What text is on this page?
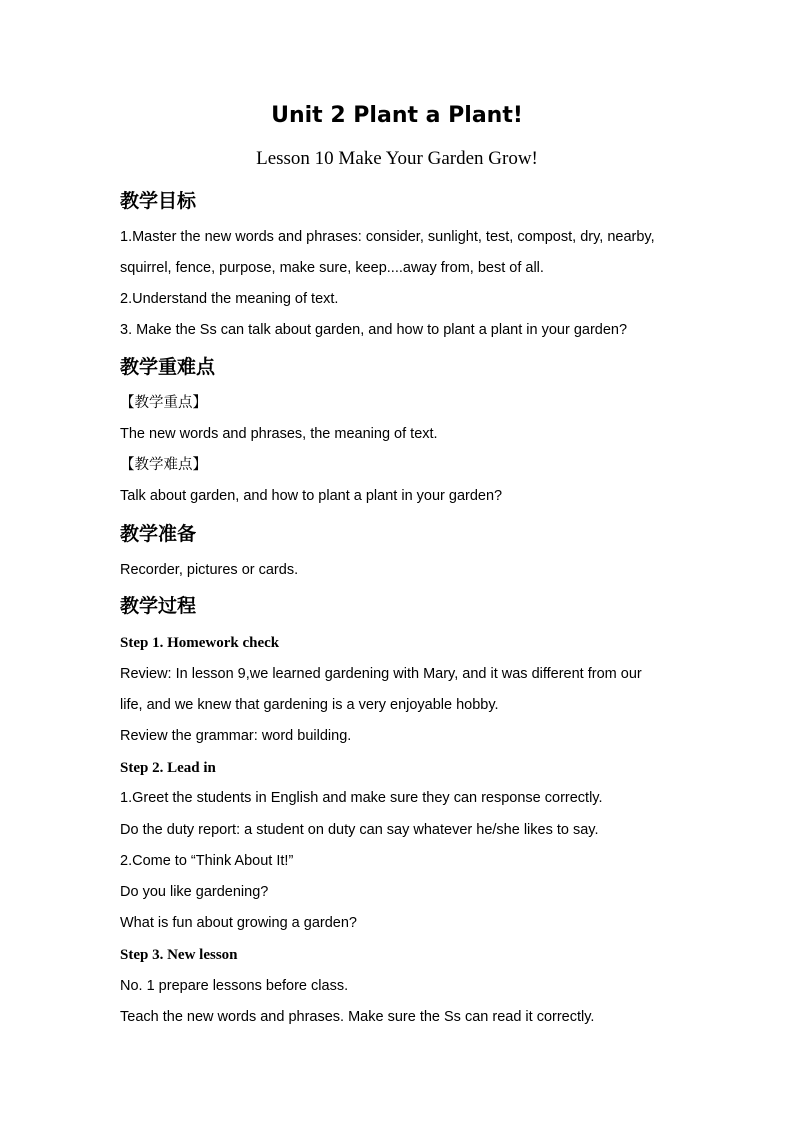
Unit 2 Plant a Plant!
Lesson 10 Make Your Garden Grow!
教学目标

1.Master the new words and phrases: consider, sunlight, test, compost, dry, nearby,

squirrel, fence, purpose, make sure, keep....away from, best of all.

2.Understand the meaning of text.

3. Make the Ss can talk about garden, and how to plant a plant in your garden?

教学重难点

【教学重点】

The new words and phrases, the meaning of text.

【教学难点】

Talk about garden, and how to plant a plant in your garden?

教学准备

Recorder, pictures or cards.

教学过程

Step 1. Homework check

Review: In lesson 9,we learned gardening with Mary, and it was different from our

life, and we knew that gardening is a very enjoyable hobby.

Review the grammar: word building.

Step 2. Lead in

1.Greet the students in English and make sure they can response correctly.

Do the duty report: a student on duty can say whatever he/she likes to say.

2.Come to “Think About It!”

Do you like gardening?

What is fun about growing a garden?

Step 3. New lesson

No. 1 prepare lessons before class.

Teach the new words and phrases. Make sure the Ss can read it correctly.
